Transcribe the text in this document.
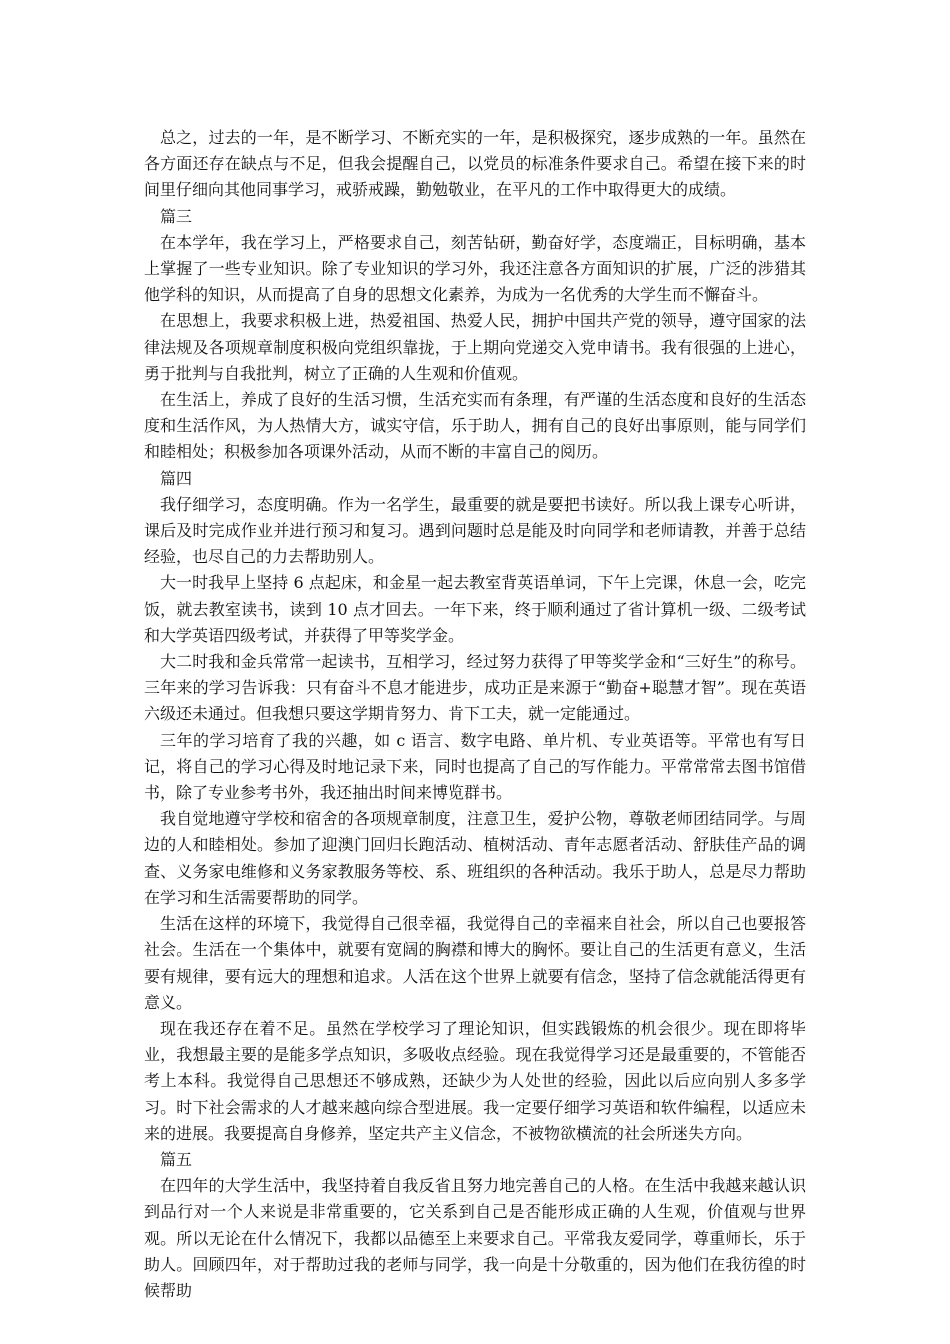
总之，过去的一年，是不断学习、不断充实的一年，是积极探究，逐步成熟的一年。虽然在各方面还存在缺点与不足，但我会提醒自己，以党员的标准条件要求自己。希望在接下来的时间里仔细向其他同事学习，戒骄戒躁，勤勉敬业，在平凡的工作中取得更大的成绩。

篇三

在本学年，我在学习上，严格要求自己，刻苦钻研，勤奋好学，态度端正，目标明确，基本上掌握了一些专业知识。除了专业知识的学习外，我还注意各方面知识的扩展，广泛的涉猎其他学科的知识，从而提高了自身的思想文化素养，为成为一名优秀的大学生而不懈奋斗。

在思想上，我要求积极上进，热爱祖国、热爱人民，拥护中国共产党的领导，遵守国家的法律法规及各项规章制度积极向党组织靠拢，于上期向党递交入党申请书。我有很强的上进心，勇于批判与自我批判，树立了正确的人生观和价值观。

在生活上，养成了良好的生活习惯，生活充实而有条理，有严谨的生活态度和良好的生活态度和生活作风，为人热情大方，诚实守信，乐于助人，拥有自己的良好出事原则，能与同学们和睦相处；积极参加各项课外活动，从而不断的丰富自己的阅历。

篇四

我仔细学习，态度明确。作为一名学生，最重要的就是要把书读好。所以我上课专心听讲，课后及时完成作业并进行预习和复习。遇到问题时总是能及时向同学和老师请教，并善于总结经验，也尽自己的力去帮助别人。

大一时我早上坚持 6 点起床，和金星一起去教室背英语单词，下午上完课，休息一会，吃完饭，就去教室读书，读到 10 点才回去。一年下来，终于顺利通过了省计算机一级、二级考试和大学英语四级考试，并获得了甲等奖学金。

大二时我和金兵常常一起读书，互相学习，经过努力获得了甲等奖学金和“三好生”的称号。三年来的学习告诉我：只有奋斗不息才能进步，成功正是来源于“勤奋+聪慧才智”。现在英语六级还未通过。但我想只要这学期肯努力、肯下工夫，就一定能通过。

三年的学习培育了我的兴趣，如 c 语言、数字电路、单片机、专业英语等。平常也有写日记，将自己的学习心得及时地记录下来，同时也提高了自己的写作能力。平常常常去图书馆借书，除了专业参考书外，我还抽出时间来博览群书。

我自觉地遵守学校和宿舍的各项规章制度，注意卫生，爱护公物，尊敬老师团结同学。与周边的人和睦相处。参加了迎澳门回归长跑活动、植树活动、青年志愿者活动、舒肤佳产品的调查、义务家电维修和义务家教服务等校、系、班组织的各种活动。我乐于助人，总是尽力帮助在学习和生活需要帮助的同学。

生活在这样的环境下，我觉得自己很幸福，我觉得自己的幸福来自社会，所以自己也要报答社会。生活在一个集体中，就要有宽阔的胸襟和博大的胸怀。要让自己的生活更有意义，生活要有规律，要有远大的理想和追求。人活在这个世界上就要有信念，坚持了信念就能活得更有意义。

现在我还存在着不足。虽然在学校学习了理论知识，但实践锻炼的机会很少。现在即将毕业，我想最主要的是能多学点知识，多吸收点经验。现在我觉得学习还是最重要的，不管能否考上本科。我觉得自己思想还不够成熟，还缺少为人处世的经验，因此以后应向别人多多学习。时下社会需求的人才越来越向综合型进展。我一定要仔细学习英语和软件编程，以适应未来的进展。我要提高自身修养，坚定共产主义信念，不被物欲横流的社会所迷失方向。

篇五

在四年的大学生活中，我坚持着自我反省且努力地完善自己的人格。在生活中我越来越认识到品行对一个人来说是非常重要的，它关系到自己是否能形成正确的人生观，价值观与世界观。所以无论在什么情况下，我都以品德至上来要求自己。平常我友爱同学，尊重师长，乐于助人。回顾四年，对于帮助过我的老师与同学，我一向是十分敬重的，因为他们在我彷徨的时候帮助
